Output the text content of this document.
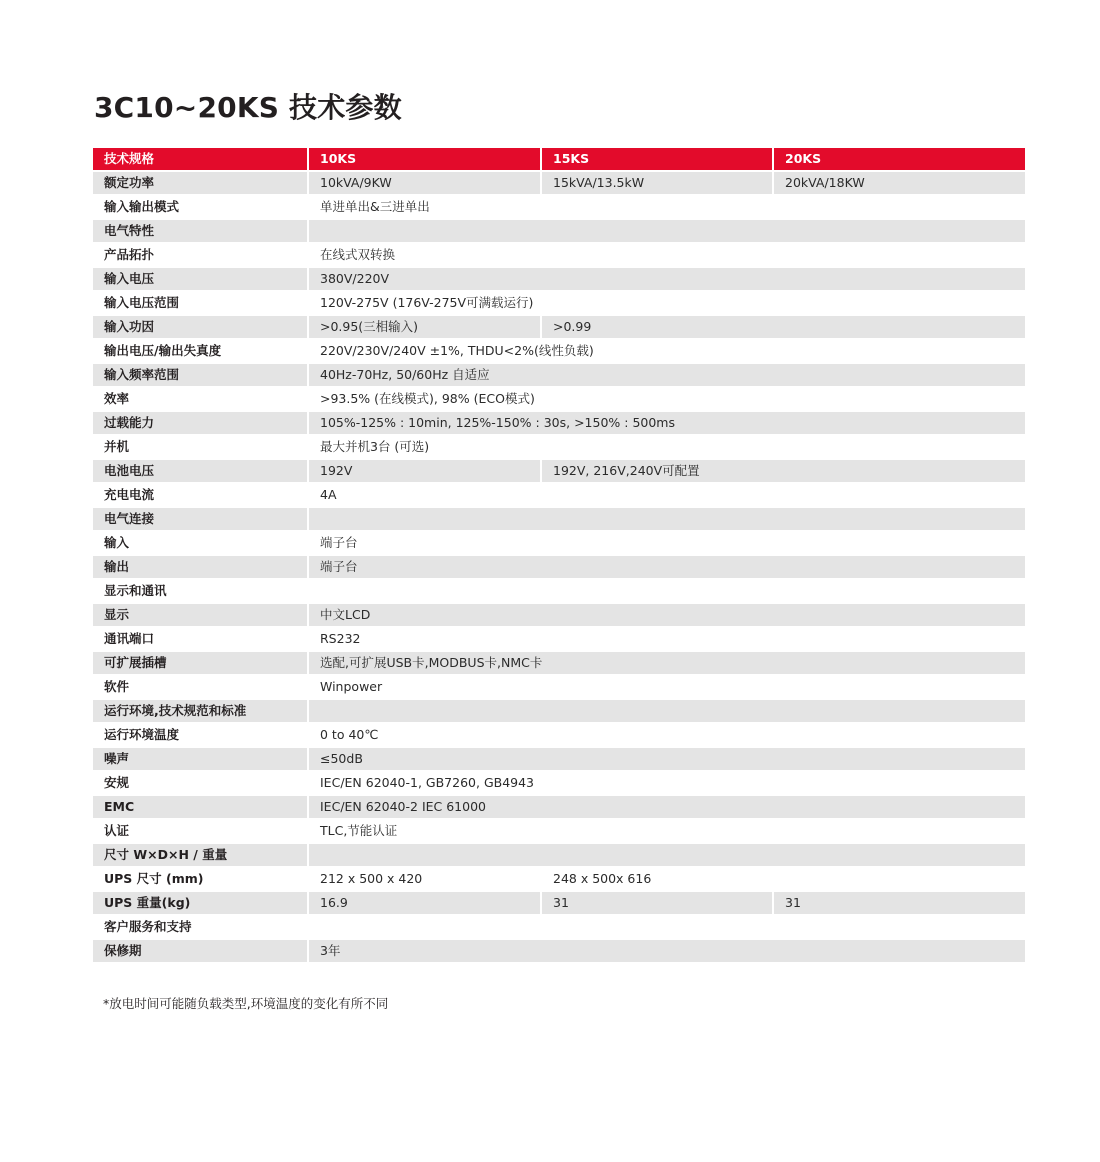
3C10~20KS 技术参数
技术规格	10KS	15KS	20KS
额定功率	10kVA/9KW	15kVA/13.5kW	20kVA/18KW
输入输出模式	单进单出&三进单出		
电气特性			
产品拓扑	在线式双转换		
输入电压	380V/220V		
输入电压范围	120V-275V (176V-275V可满载运行)		
输入功因	>0.95(三相输入)	>0.99	
输出电压/输出失真度	220V/230V/240V ±1%, THDU<2%(线性负载)		
输入频率范围	40Hz-70Hz, 50/60Hz 自适应		
效率	>93.5% (在线模式), 98% (ECO模式)		
过载能力	105%-125% : 10min, 125%-150% : 30s, >150% : 500ms		
并机	最大并机3台 (可选)		
电池电压	192V	192V, 216V,240V可配置	
充电电流	4A		
电气连接			
输入	端子台		
输出	端子台		
显示和通讯			
显示	中文LCD		
通讯端口	RS232		
可扩展插槽	选配,可扩展USB卡,MODBUS卡,NMC卡		
软件	Winpower		
运行环境,技术规范和标准			
运行环境温度	0 to 40℃		
噪声	≤50dB		
安规	IEC/EN 62040-1, GB7260, GB4943		
EMC	IEC/EN 62040-2 IEC 61000		
认证	TLC,节能认证		
尺寸 W×D×H / 重量			
UPS 尺寸 (mm)	212 x 500 x 420	248 x 500x 616	
UPS 重量(kg)	16.9	31	31
客户服务和支持			
保修期	3年		

*放电时间可能随负载类型,环境温度的变化有所不同
